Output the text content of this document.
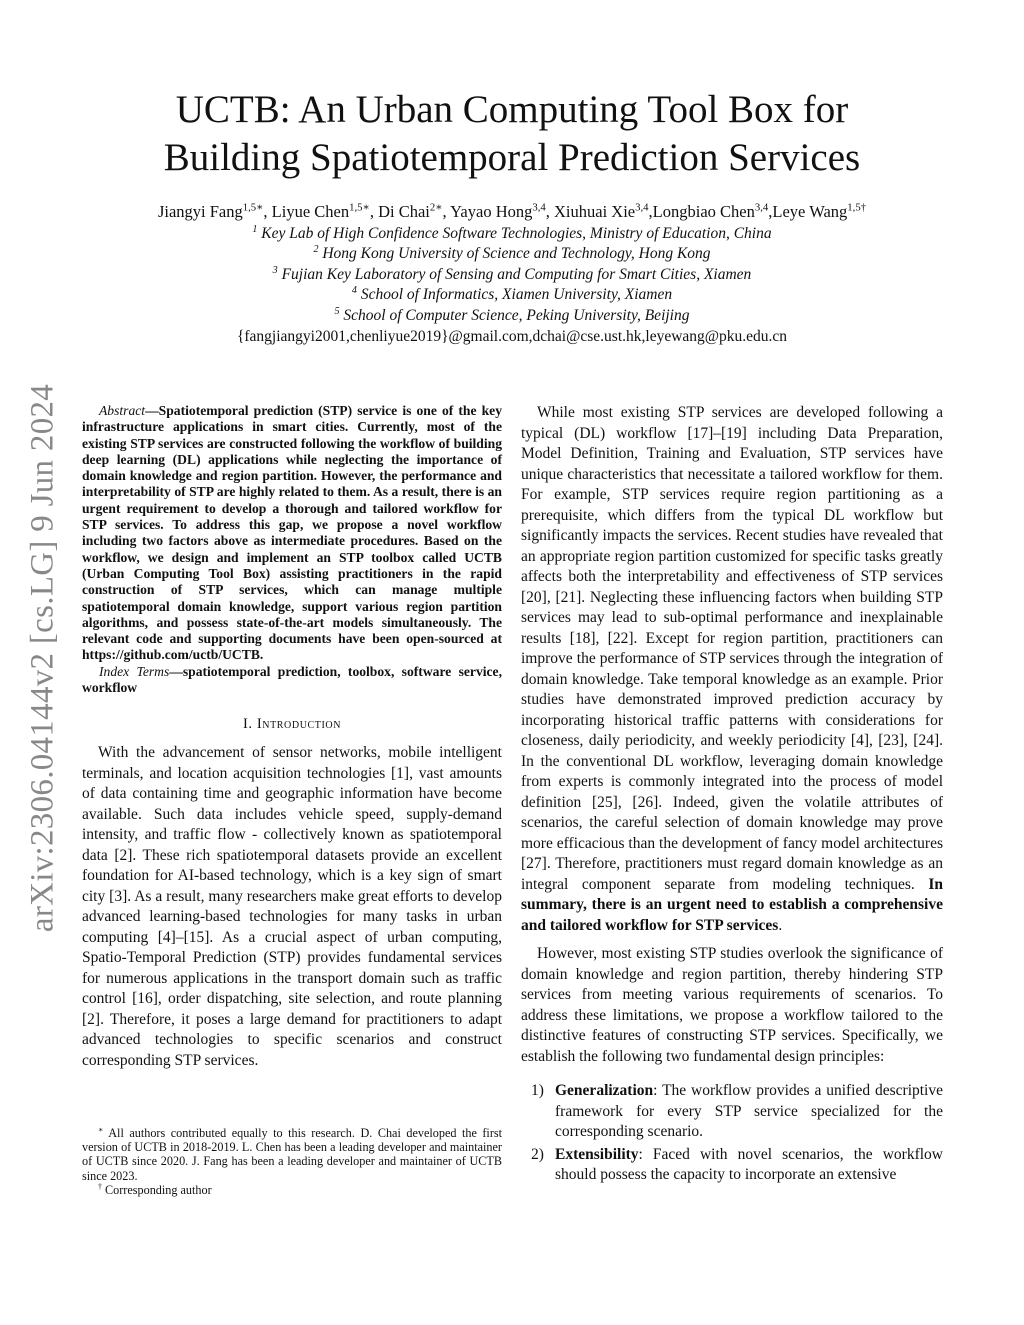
arXiv:2306.04144v2 [cs.LG] 9 Jun 2024
UCTB: An Urban Computing Tool Box for
Building Spatiotemporal Prediction Services
Jiangyi Fang$^{1,5∗}$, Liyue Chen$^{1,5∗}$, Di Chai$^{2∗}$, Yayao Hong$^{3,4}$, Xiuhuai Xie$^{3,4}$,Longbiao Chen$^{3,4}$,Leye Wang$^{1,5\dagger}$
$^1$ Key Lab of High Confidence Software Technologies, Ministry of Education, China
$^2$ Hong Kong University of Science and Technology, Hong Kong
$^3$ Fujian Key Laboratory of Sensing and Computing for Smart Cities, Xiamen
$^4$ School of Informatics, Xiamen University, Xiamen
$^5$ School of Computer Science, Peking University, Beijing
{fangjiangyi2001,chenliyue2019}@gmail.com,dchai@cse.ust.hk,leyewang@pku.edu.cn

Abstract—Spatiotemporal prediction (STP) service is one of the key infrastructure applications in smart cities. Currently, most of the existing STP services are constructed following the workflow of building deep learning (DL) applications while neglecting the importance of domain knowledge and region partition. However, the performance and interpretability of STP are highly related to them. As a result, there is an urgent requirement to develop a thorough and tailored workflow for STP services. To address this gap, we propose a novel workflow including two factors above as intermediate procedures. Based on the workflow, we design and implement an STP toolbox called UCTB (Urban Computing Tool Box) assisting practitioners in the rapid construction of STP services, which can manage multiple spatiotemporal domain knowledge, support various region partition algorithms, and possess state-of-the-art models simultaneously. The relevant code and supporting documents have been open-sourced at https://github.com/uctb/UCTB.

Index Terms—spatiotemporal prediction, toolbox, software service, workflow

I. Introduction

With the advancement of sensor networks, mobile intelligent terminals, and location acquisition technologies [1], vast amounts of data containing time and geographic information have become available. Such data includes vehicle speed, supply-demand intensity, and traffic flow - collectively known as spatiotemporal data [2]. These rich spatiotemporal datasets provide an excellent foundation for AI-based technology, which is a key sign of smart city [3]. As a result, many researchers make great efforts to develop advanced learning-based technologies for many tasks in urban computing [4]–[15]. As a crucial aspect of urban computing, Spatio-Temporal Prediction (STP) provides fundamental services for numerous applications in the transport domain such as traffic control [16], order dispatching, site selection, and route planning [2]. Therefore, it poses a large demand for practitioners to adapt advanced technologies to specific scenarios and construct corresponding STP services.

∗ All authors contributed equally to this research. D. Chai developed the first version of UCTB in 2018-2019. L. Chen has been a leading developer and maintainer of UCTB since 2020. J. Fang has been a leading developer and maintainer of UCTB since 2023.

† Corresponding author

While most existing STP services are developed following a typical (DL) workflow [17]–[19] including Data Preparation, Model Definition, Training and Evaluation, STP services have unique characteristics that necessitate a tailored workflow for them. For example, STP services require region partitioning as a prerequisite, which differs from the typical DL workflow but significantly impacts the services. Recent studies have revealed that an appropriate region partition customized for specific tasks greatly affects both the interpretability and effectiveness of STP services [20], [21]. Neglecting these influencing factors when building STP services may lead to sub-optimal performance and inexplainable results [18], [22]. Except for region partition, practitioners can improve the performance of STP services through the integration of domain knowledge. Take temporal knowledge as an example. Prior studies have demonstrated improved prediction accuracy by incorporating historical traffic patterns with considerations for closeness, daily periodicity, and weekly periodicity [4], [23], [24]. In the conventional DL workflow, leveraging domain knowledge from experts is commonly integrated into the process of model definition [25], [26]. Indeed, given the volatile attributes of scenarios, the careful selection of domain knowledge may prove more efficacious than the development of fancy model architectures [27]. Therefore, practitioners must regard domain knowledge as an integral component separate from modeling techniques. In summary, there is an urgent need to establish a comprehensive and tailored workflow for STP services.

However, most existing STP studies overlook the significance of domain knowledge and region partition, thereby hindering STP services from meeting various requirements of scenarios. To address these limitations, we propose a workflow tailored to the distinctive features of constructing STP services. Specifically, we establish the following two fundamental design principles:

1) Generalization: The workflow provides a unified descriptive framework for every STP service specialized for the corresponding scenario.
2) Extensibility: Faced with novel scenarios, the workflow should possess the capacity to incorporate an extensive
